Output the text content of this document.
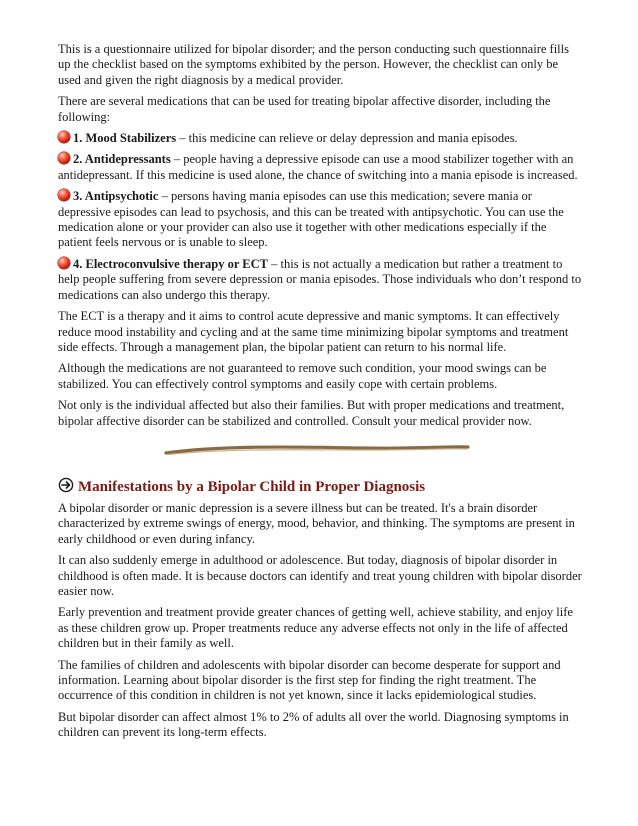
This is a questionnaire utilized for bipolar disorder; and the person conducting such questionnaire fills up the checklist based on the symptoms exhibited by the person. However, the checklist can only be used and given the right diagnosis by a medical provider.

There are several medications that can be used for treating bipolar affective disorder, including the following:

1. Mood Stabilizers – this medicine can relieve or delay depression and mania episodes.

2. Antidepressants – people having a depressive episode can use a mood stabilizer together with an antidepressant. If this medicine is used alone, the chance of switching into a mania episode is increased.

3. Antipsychotic – persons having mania episodes can use this medication; severe mania or depressive episodes can lead to psychosis, and this can be treated with antipsychotic. You can use the medication alone or your provider can also use it together with other medications especially if the patient feels nervous or is unable to sleep.

4. Electroconvulsive therapy or ECT – this is not actually a medication but rather a treatment to help people suffering from severe depression or mania episodes. Those individuals who don’t respond to medications can also undergo this therapy.

The ECT is a therapy and it aims to control acute depressive and manic symptoms. It can effectively reduce mood instability and cycling and at the same time minimizing bipolar symptoms and treatment side effects. Through a management plan, the bipolar patient can return to his normal life.

Although the medications are not guaranteed to remove such condition, your mood swings can be stabilized. You can effectively control symptoms and easily cope with certain problems.

Not only is the individual affected but also their families. But with proper medications and treatment, bipolar affective disorder can be stabilized and controlled. Consult your medical provider now.

Manifestations by a Bipolar Child in Proper Diagnosis

A bipolar disorder or manic depression is a severe illness but can be treated. It's a brain disorder characterized by extreme swings of energy, mood, behavior, and thinking. The symptoms are present in early childhood or even during infancy.

It can also suddenly emerge in adulthood or adolescence. But today, diagnosis of bipolar disorder in childhood is often made. It is because doctors can identify and treat young children with bipolar disorder easier now.

Early prevention and treatment provide greater chances of getting well, achieve stability, and enjoy life as these children grow up. Proper treatments reduce any adverse effects not only in the life of affected children but in their family as well.

The families of children and adolescents with bipolar disorder can become desperate for support and information. Learning about bipolar disorder is the first step for finding the right treatment. The occurrence of this condition in children is not yet known, since it lacks epidemiological studies.

But bipolar disorder can affect almost 1% to 2% of adults all over the world. Diagnosing symptoms in children can prevent its long-term effects.
